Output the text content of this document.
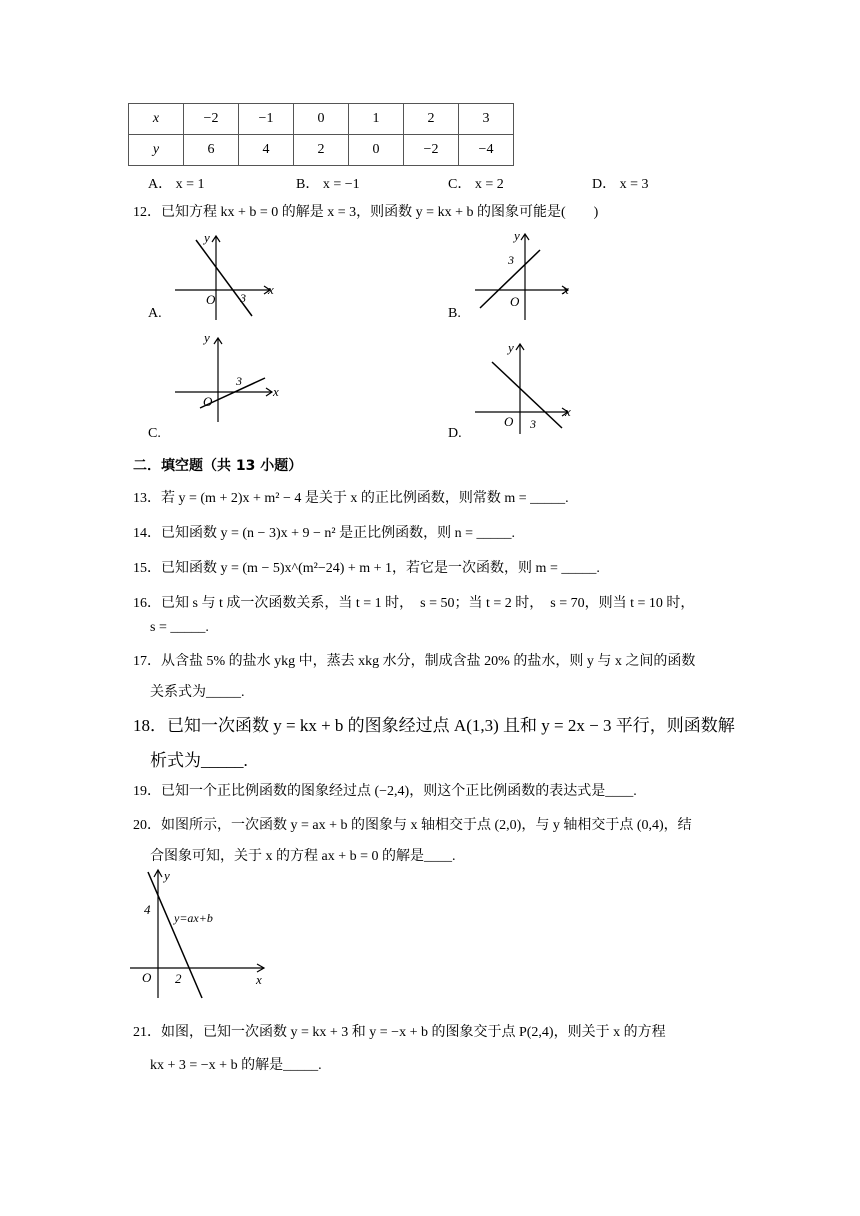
x	−2	−1	0	1	2	3
y	6	4	2	0	−2	−4
A． x = 1	B． x = −1	C． x = 2	D． x = 3
12．已知方程 kx + b = 0 的解是 x = 3，则函数 y = kx + b 的图象可能是(　　)
O 3
x
y
A.
O
3
x
y
B.
O
3
x
y
C.
O 3
x
y
D.
二．填空题（共 13 小题）
13．若 y = (m + 2)x + m² − 4 是关于 x 的正比例函数，则常数 m = _____.
14．已知函数 y = (n − 3)x + 9 − n² 是正比例函数，则 n = _____.
15．已知函数 y = (m − 5)x^(m²−24) + m + 1，若它是一次函数，则 m = _____.
16．已知 s 与 t 成一次函数关系，当 t = 1 时，　s = 50；当 t = 2 时，　s = 70，则当 t = 10 时，
s = _____.
17．从含盐 5% 的盐水 ykg 中，蒸去 xkg 水分，制成含盐 20% 的盐水，则 y 与 x 之间的函数
关系式为_____.
18．已知一次函数 y = kx + b 的图象经过点 A(1,3) 且和 y = 2x − 3 平行，则函数解
析式为_____.
19．已知一个正比例函数的图象经过点 (−2,4)，则这个正比例函数的表达式是____.
20．如图所示，一次函数 y = ax + b 的图象与 x 轴相交于点 (2,0)，与 y 轴相交于点 (0,4)，结
合图象可知，关于 x 的方程 ax + b = 0 的解是____.
y
x
O
4
2
y=ax+b
21．如图，已知一次函数 y = kx + 3 和 y = −x + b 的图象交于点 P(2,4)，则关于 x 的方程
kx + 3 = −x + b 的解是_____.
